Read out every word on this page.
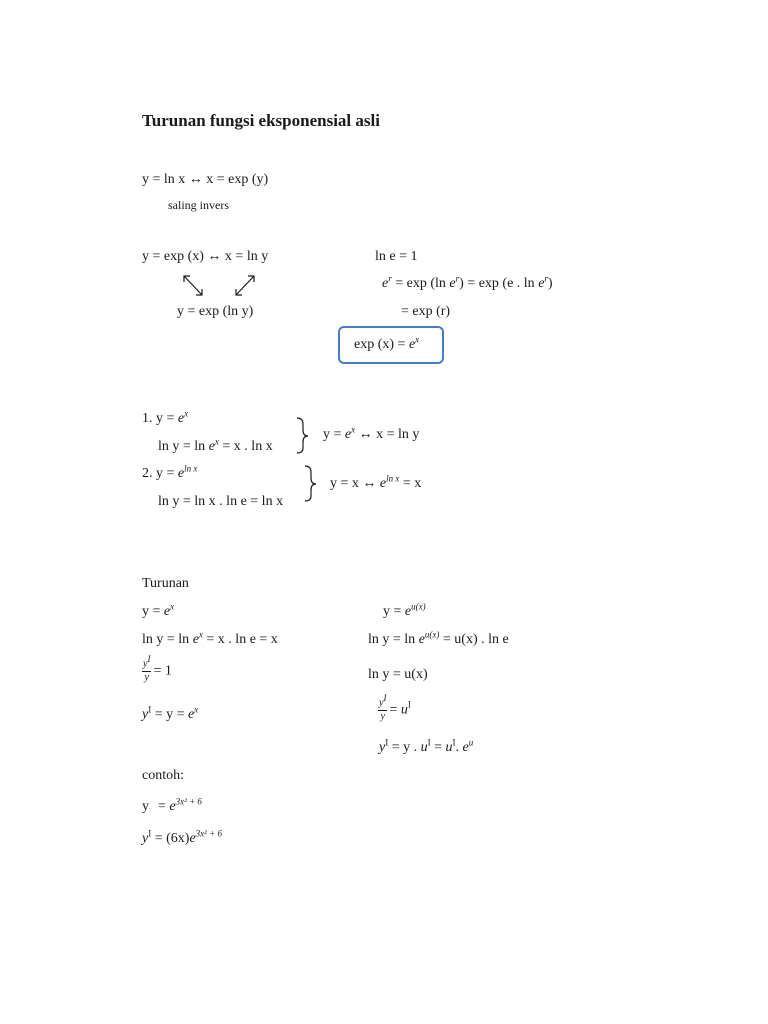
Turunan fungsi eksponensial asli
y = ln x ↔ x = exp (y)
saling invers
y = exp (x) ↔ x = ln y
y = exp (ln y)
ln e = 1
$e^r = \exp (\ln$ $e^r) = \exp (e$ . $\ln e^r$)
= exp (r)
$\exp (x) = e^x$
1. $y = e^x$
$\ln y = \ln e^x = x$ . ln x
$y = e^x$ ↔ x = ln y
2. $y = e^{ln x}$
ln y = ln x . ln e = ln x
y = x ↔ $e^{ln x} = x$
Turunan
$y = e^x$
$\ln y = \ln e^x = x$ . ln e = x
$\frac{y^I}{y} = 1$
$y^I = y = e^x$
$y = e^{u(x)}$
$\ln y = \ln e^{u(x)} = u(x)$ . ln e
ln y = u(x)
$\frac{y^I}{y} = u^I$
$y^I = y$ . $u^I = u^I$. $e^u$
contoh:
$y = e^{3x^2 + 6}$
$y^I = (6x)e^{3x^2 + 6}$
